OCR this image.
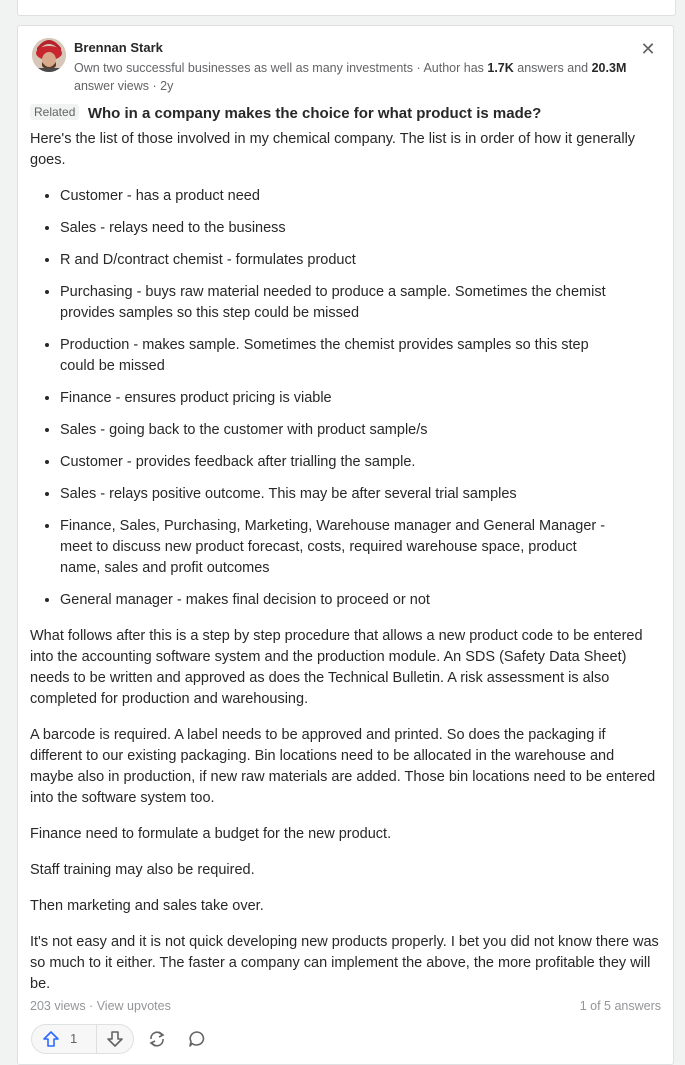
Brennan Stark
Own two successful businesses as well as many investments · Author has 1.7K answers and 20.3M answer views · 2y
✕
Related Who in a company makes the choice for what product is made?

Here's the list of those involved in my chemical company. The list is in order of how it generally goes.

• Customer - has a product need
• Sales - relays need to the business
• R and D/contract chemist - formulates product
• Purchasing - buys raw material needed to produce a sample. Sometimes the chemist provides samples so this step could be missed
• Production - makes sample. Sometimes the chemist provides samples so this step could be missed
• Finance - ensures product pricing is viable
• Sales - going back to the customer with product sample/s
• Customer - provides feedback after trialling the sample.
• Sales - relays positive outcome. This may be after several trial samples
• Finance, Sales, Purchasing, Marketing, Warehouse manager and General Manager - meet to discuss new product forecast, costs, required warehouse space, product name, sales and profit outcomes
• General manager - makes final decision to proceed or not

What follows after this is a step by step procedure that allows a new product code to be entered into the accounting software system and the production module. An SDS (Safety Data Sheet) needs to be written and approved as does the Technical Bulletin. A risk assessment is also completed for production and warehousing.

A barcode is required. A label needs to be approved and printed. So does the packaging if different to our existing packaging. Bin locations need to be allocated in the warehouse and maybe also in production, if new raw materials are added. Those bin locations need to be entered into the software system too.

Finance need to formulate a budget for the new product.

Staff training may also be required.

Then marketing and sales take over.

It's not easy and it is not quick developing new products properly. I bet you did not know there was so much to it either. The faster a company can implement the above, the more profitable they will be.

203 views · View upvotes	1 of 5 answers
1
